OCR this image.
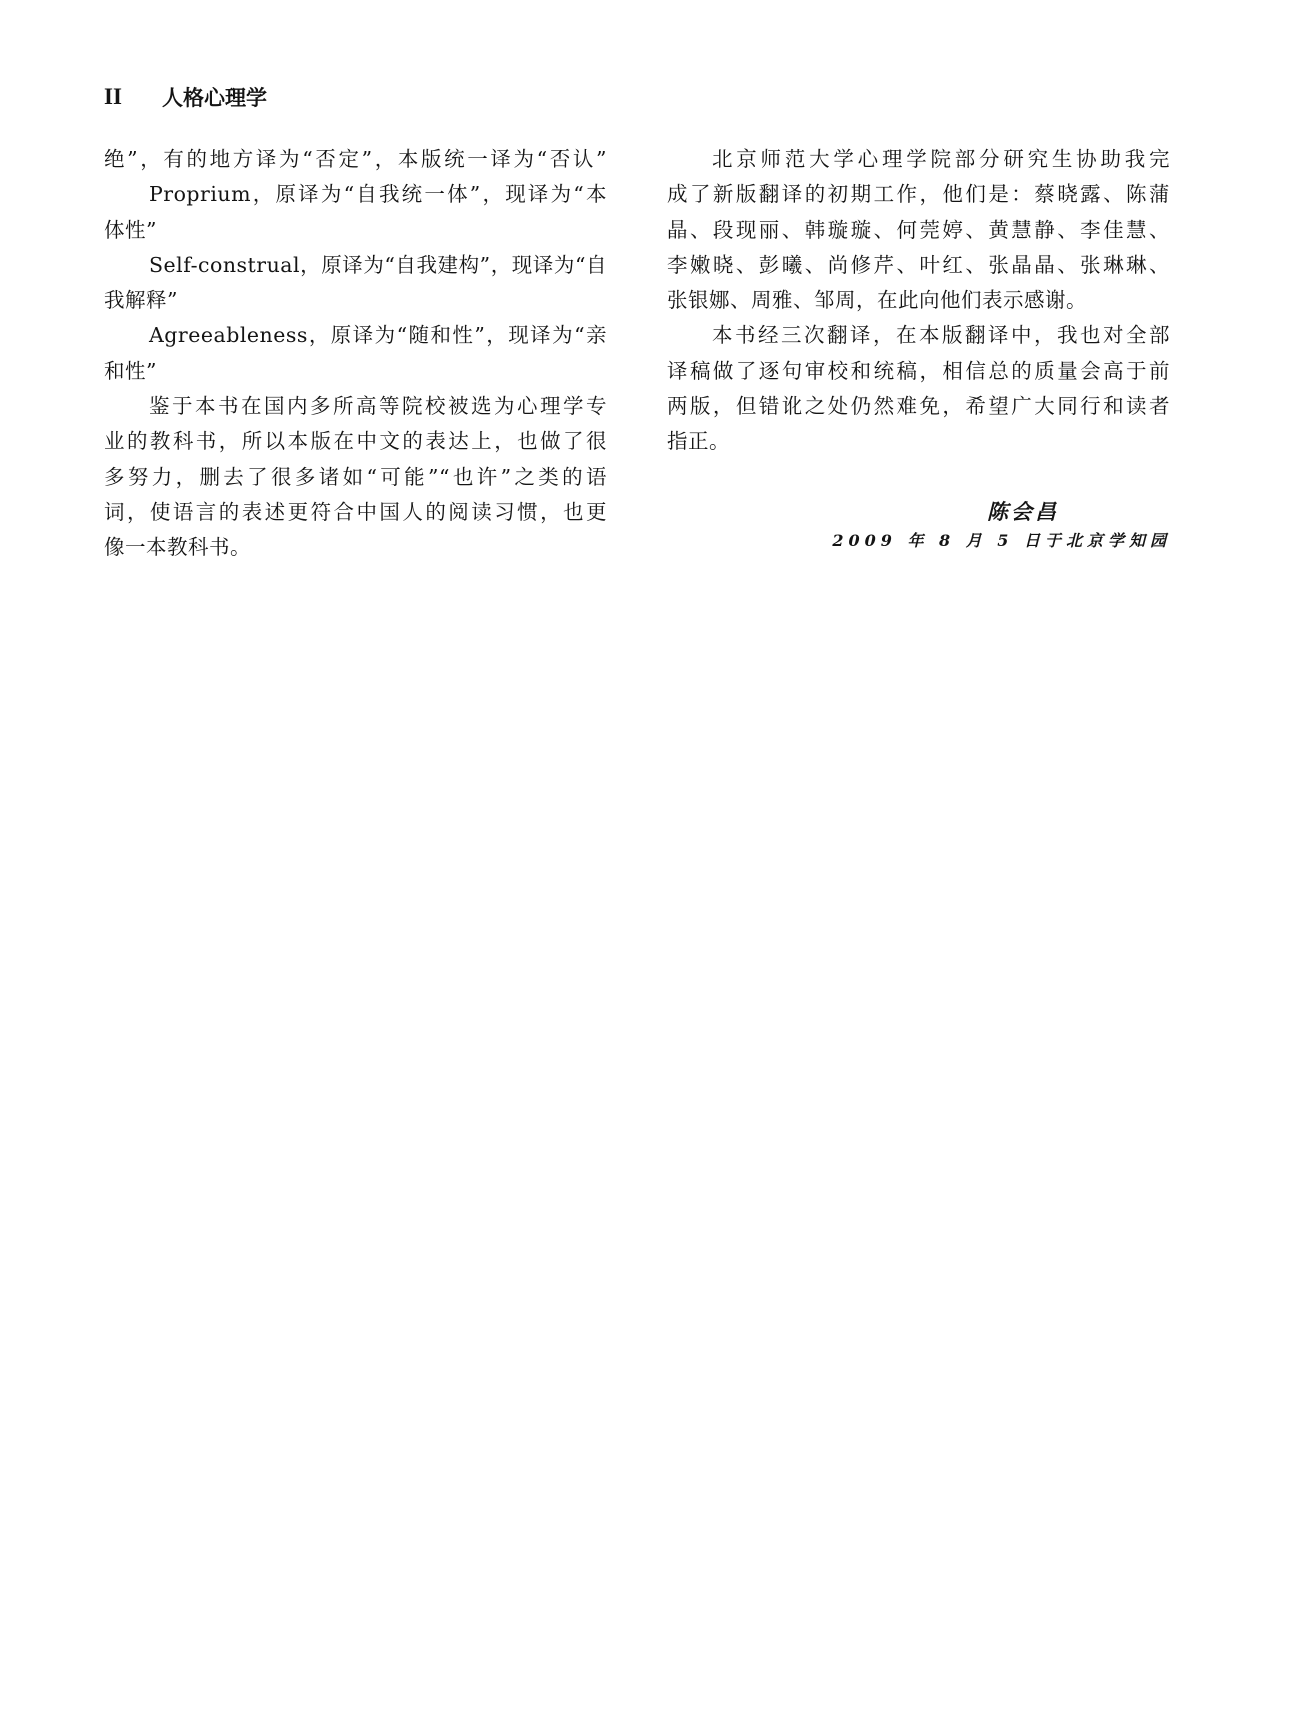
II	人格心理学
绝”，有的地方译为“否定”，本版统一译为“否认”
Proprium，原译为“自我统一体”，现译为“本
体性”
Self-construal，原译为“自我建构”，现译为“自
我解释”
Agreeableness，原译为“随和性”，现译为“亲
和性”
鉴于本书在国内多所高等院校被选为心理学专
业的教科书，所以本版在中文的表达上，也做了很
多努力，删去了很多诸如“可能”“也许”之类的语
词，使语言的表述更符合中国人的阅读习惯，也更
像一本教科书。
北京师范大学心理学院部分研究生协助我完
成了新版翻译的初期工作，他们是：蔡晓露、陈蒲
晶、段现丽、韩璇璇、何莞婷、黄慧静、李佳慧、
李嫩晓、彭曦、尚修芹、叶红、张晶晶、张琳琳、
张银娜、周雅、邹周，在此向他们表示感谢。
本书经三次翻译，在本版翻译中，我也对全部
译稿做了逐句审校和统稿，相信总的质量会高于前
两版，但错讹之处仍然难免，希望广大同行和读者
指正。
陈会昌
2009 年 8 月 5 日于北京学知园
